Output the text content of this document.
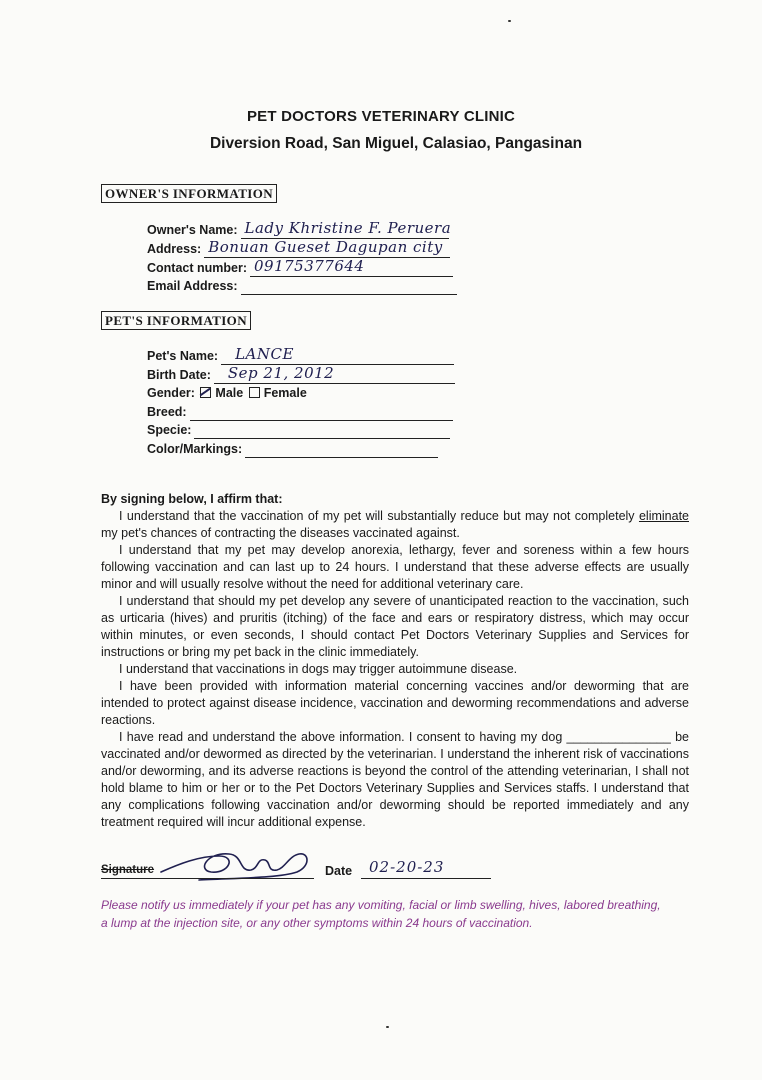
PET DOCTORS VETERINARY CLINIC
Diversion Road, San Miguel, Calasiao, Pangasinan
OWNER'S INFORMATION
Owner's Name: Lady Khristine F. Peruera
Address: Bonuan Gueset Dagupan city
Contact number: 09175377644
Email Address:
PET'S INFORMATION
Pet's Name: LANCE
Birth Date: Sep 21, 2012
Gender: Male Female
Breed:
Specie:
Color/Markings:
By signing below, I affirm that:

I understand that the vaccination of my pet will substantially reduce but may not completely eliminate my pet's chances of contracting the diseases vaccinated against.

I understand that my pet may develop anorexia, lethargy, fever and soreness within a few hours following vaccination and can last up to 24 hours. I understand that these adverse effects are usually minor and will usually resolve without the need for additional veterinary care.

I understand that should my pet develop any severe of unanticipated reaction to the vaccination, such as urticaria (hives) and pruritis (itching) of the face and ears or respiratory distress, which may occur within minutes, or even seconds, I should contact Pet Doctors Veterinary Supplies and Services for instructions or bring my pet back in the clinic immediately.

I understand that vaccinations in dogs may trigger autoimmune disease.

I have been provided with information material concerning vaccines and/or deworming that are intended to protect against disease incidence, vaccination and deworming recommendations and adverse reactions.

I have read and understand the above information. I consent to having my dog _______________ be vaccinated and/or dewormed as directed by the veterinarian. I understand the inherent risk of vaccinations and/or deworming, and its adverse reactions is beyond the control of the attending veterinarian, I shall not hold blame to him or her or to the Pet Doctors Veterinary Supplies and Services staffs. I understand that any complications following vaccination and/or deworming should be reported immediately and any treatment required will incur additional expense.

Signature	Date 02-20-23
Please notify us immediately if your pet has any vomiting, facial or limb swelling, hives, labored breathing, a lump at the injection site, or any other symptoms within 24 hours of vaccination.
